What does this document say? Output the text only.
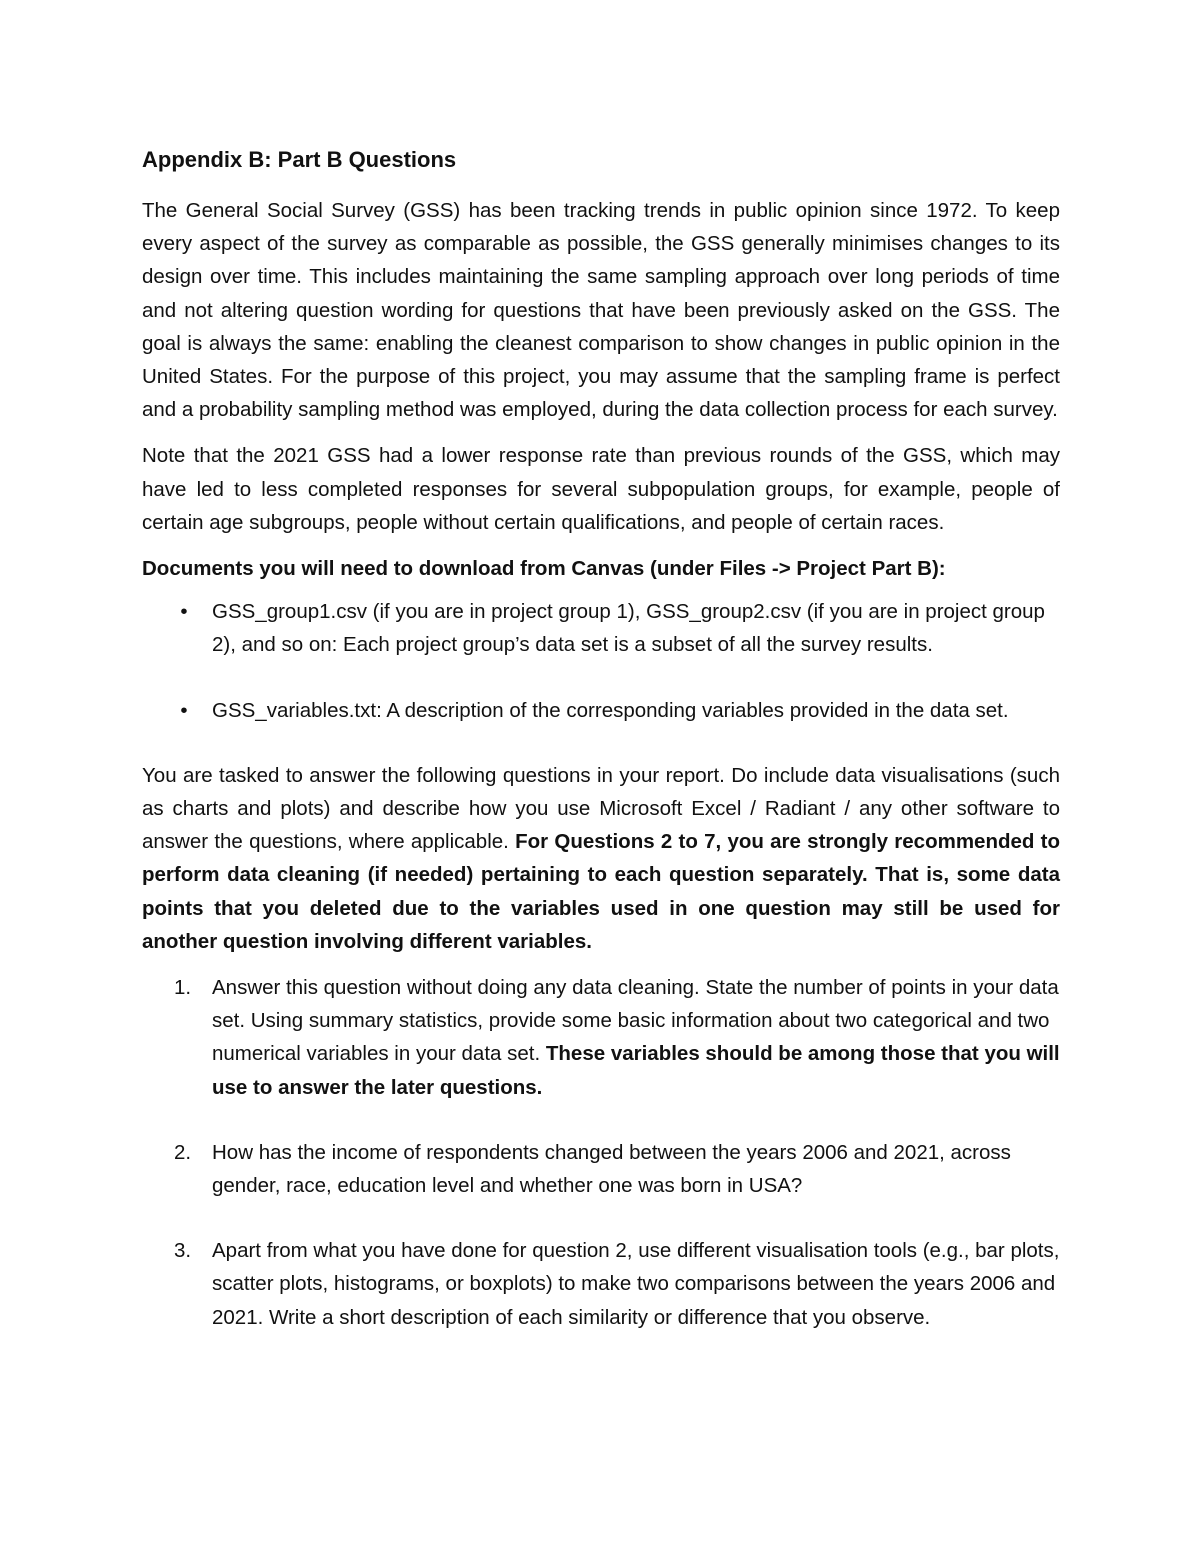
Appendix B: Part B Questions

The General Social Survey (GSS) has been tracking trends in public opinion since 1972. To keep every aspect of the survey as comparable as possible, the GSS generally minimises changes to its design over time. This includes maintaining the same sampling approach over long periods of time and not altering question wording for questions that have been previously asked on the GSS. The goal is always the same: enabling the cleanest comparison to show changes in public opinion in the United States. For the purpose of this project, you may assume that the sampling frame is perfect and a probability sampling method was employed, during the data collection process for each survey.

Note that the 2021 GSS had a lower response rate than previous rounds of the GSS, which may have led to less completed responses for several subpopulation groups, for example, people of certain age subgroups, people without certain qualifications, and people of certain races.

Documents you will need to download from Canvas (under Files -> Project Part B):

•	GSS_group1.csv (if you are in project group 1), GSS_group2.csv (if you are in project group 2), and so on: Each project group’s data set is a subset of all the survey results.
•	GSS_variables.txt: A description of the corresponding variables provided in the data set.

You are tasked to answer the following questions in your report. Do include data visualisations (such as charts and plots) and describe how you use Microsoft Excel / Radiant / any other software to answer the questions, where applicable. For Questions 2 to 7, you are strongly recommended to perform data cleaning (if needed) pertaining to each question separately. That is, some data points that you deleted due to the variables used in one question may still be used for another question involving different variables.

1.	Answer this question without doing any data cleaning. State the number of points in your data set. Using summary statistics, provide some basic information about two categorical and two numerical variables in your data set. These variables should be among those that you will use to answer the later questions.
2.	How has the income of respondents changed between the years 2006 and 2021, across gender, race, education level and whether one was born in USA?
3.	Apart from what you have done for question 2, use different visualisation tools (e.g., bar plots, scatter plots, histograms, or boxplots) to make two comparisons between the years 2006 and 2021. Write a short description of each similarity or difference that you observe.
